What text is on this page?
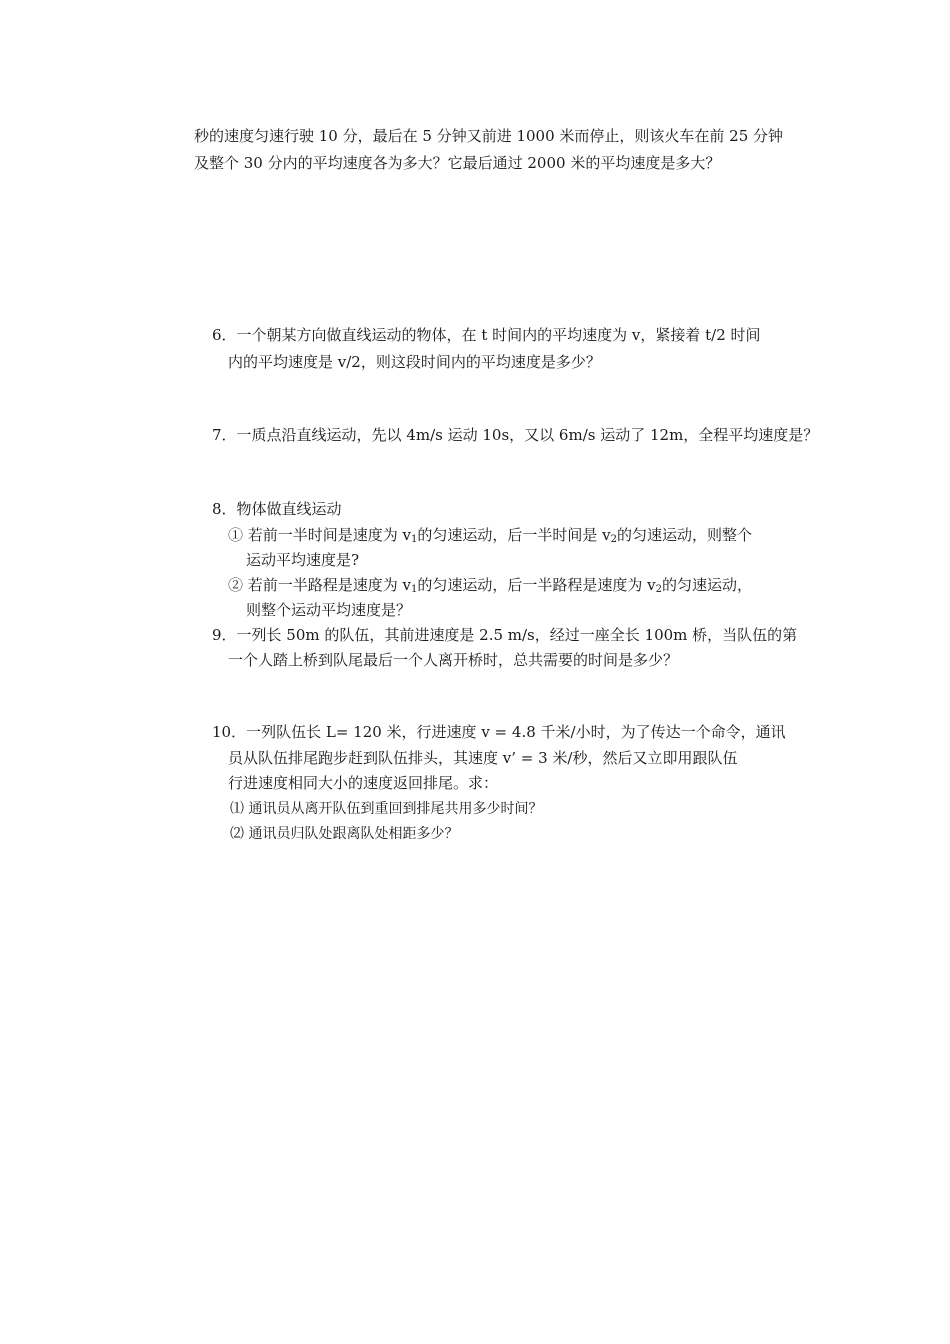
秒的速度匀速行驶 10 分，最后在 5 分钟又前进 1000 米而停止，则该火车在前 25 分钟
及整个 30 分内的平均速度各为多大？它最后通过 2000 米的平均速度是多大？
6．一个朝某方向做直线运动的物体，在 t 时间内的平均速度为 v，紧接着 t/2 时间
内的平均速度是 v/2，则这段时间内的平均速度是多少？
7．一质点沿直线运动，先以 4m/s 运动 10s，又以 6m/s 运动了 12m，全程平均速度是？
8．物体做直线运动
① 若前一半时间是速度为 $v_1$的匀速运动，后一半时间是 $v_2$的匀速运动，则整个
运动平均速度是?
② 若前一半路程是速度为 $v_1$的匀速运动，后一半路程是速度为 $v_2$的匀速运动，
则整个运动平均速度是？
9．一列长 50m 的队伍，其前进速度是 2.5 m/s，经过一座全长 100m 桥，当队伍的第
一个人踏上桥到队尾最后一个人离开桥时，总共需要的时间是多少？
10．一列队伍长 L= 120 米，行进速度 v = 4.8 千米/小时，为了传达一个命令，通讯
员从队伍排尾跑步赶到队伍排头，其速度 v’ = 3 米/秒，然后又立即用跟队伍
行进速度相同大小的速度返回排尾。求：
⑴ 通讯员从离开队伍到重回到排尾共用多少时间？
⑵ 通讯员归队处跟离队处相距多少？
